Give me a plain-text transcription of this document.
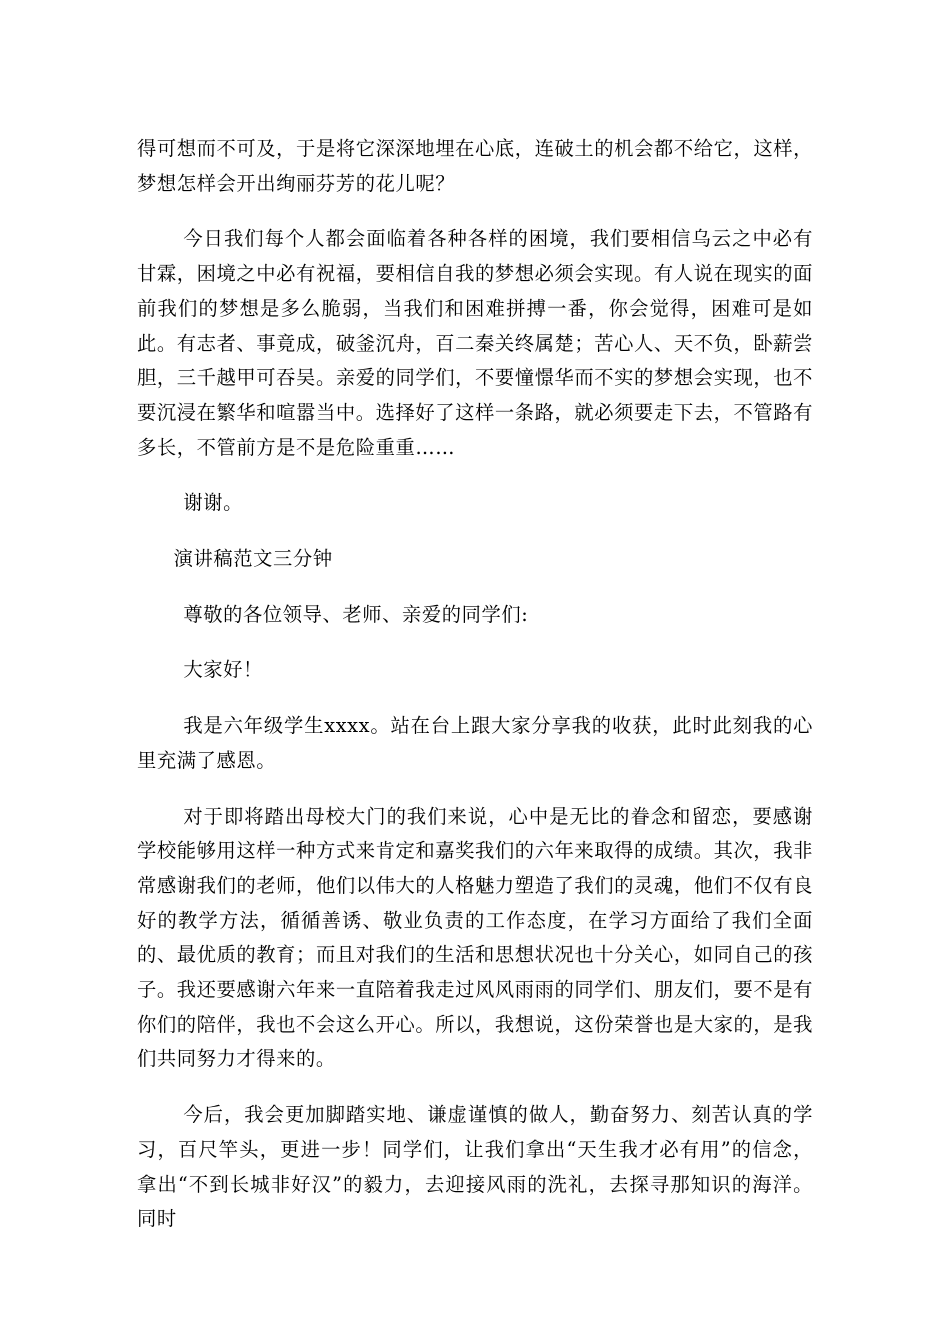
得可想而不可及，于是将它深深地埋在心底，连破土的机会都不给它，这样，梦想怎样会开出绚丽芬芳的花儿呢？

今日我们每个人都会面临着各种各样的困境，我们要相信乌云之中必有甘霖，困境之中必有祝福，要相信自我的梦想必须会实现。有人说在现实的面前我们的梦想是多么脆弱，当我们和困难拼搏一番，你会觉得，困难可是如此。有志者、事竟成，破釜沉舟，百二秦关终属楚；苦心人、天不负，卧薪尝胆，三千越甲可吞吴。亲爱的同学们，不要憧憬华而不实的梦想会实现，也不要沉浸在繁华和喧嚣当中。选择好了这样一条路，就必须要走下去，不管路有多长，不管前方是不是危险重重……

谢谢。

演讲稿范文三分钟

尊敬的各位领导、老师、亲爱的同学们:

大家好！

我是六年级学生xxxx。站在台上跟大家分享我的收获，此时此刻我的心里充满了感恩。

对于即将踏出母校大门的我们来说，心中是无比的眷念和留恋，要感谢学校能够用这样一种方式来肯定和嘉奖我们的六年来取得的成绩。其次，我非常感谢我们的老师，他们以伟大的人格魅力塑造了我们的灵魂，他们不仅有良好的教学方法，循循善诱、敬业负责的工作态度，在学习方面给了我们全面的、最优质的教育；而且对我们的生活和思想状况也十分关心，如同自己的孩子。我还要感谢六年来一直陪着我走过风风雨雨的同学们、朋友们，要不是有你们的陪伴，我也不会这么开心。所以，我想说，这份荣誉也是大家的，是我们共同努力才得来的。

今后，我会更加脚踏实地、谦虚谨慎的做人，勤奋努力、刻苦认真的学习，百尺竿头，更进一步！同学们，让我们拿出“天生我才必有用”的信念，拿出“不到长城非好汉”的毅力，去迎接风雨的洗礼，去探寻那知识的海洋。同时
